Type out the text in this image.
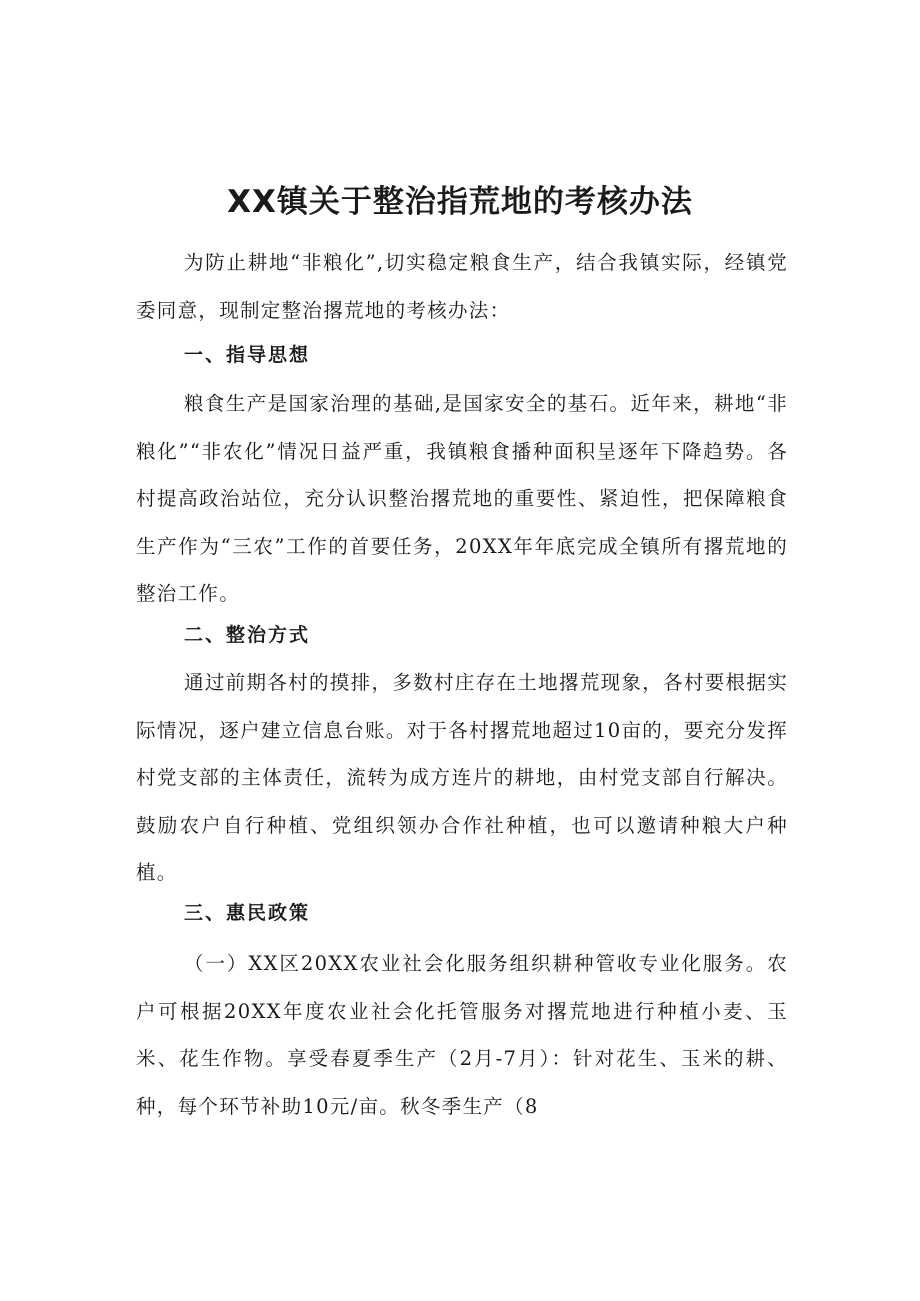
XX镇关于整治指荒地的考核办法

为防止耕地“非粮化”,切实稳定粮食生产，结合我镇实际，经镇党委同意，现制定整治撂荒地的考核办法：

一、指导思想

粮食生产是国家治理的基础,是国家安全的基石。近年来，耕地“非粮化”“非农化”情况日益严重，我镇粮食播种面积呈逐年下降趋势。各村提高政治站位，充分认识整治撂荒地的重要性、紧迫性，把保障粮食生产作为“三农”工作的首要任务，20XX年年底完成全镇所有撂荒地的整治工作。

二、整治方式

通过前期各村的摸排，多数村庄存在土地撂荒现象，各村要根据实际情况，逐户建立信息台账。对于各村撂荒地超过10亩的，要充分发挥村党支部的主体责任，流转为成方连片的耕地，由村党支部自行解决。鼓励农户自行种植、党组织领办合作社种植，也可以邀请种粮大户种植。

三、惠民政策

（一）XX区20XX农业社会化服务组织耕种管收专业化服务。农户可根据20XX年度农业社会化托管服务对撂荒地进行种植小麦、玉米、花生作物。享受春夏季生产（2月-7月）：针对花生、玉米的耕、种，每个环节补助10元/亩。秋冬季生产（8
